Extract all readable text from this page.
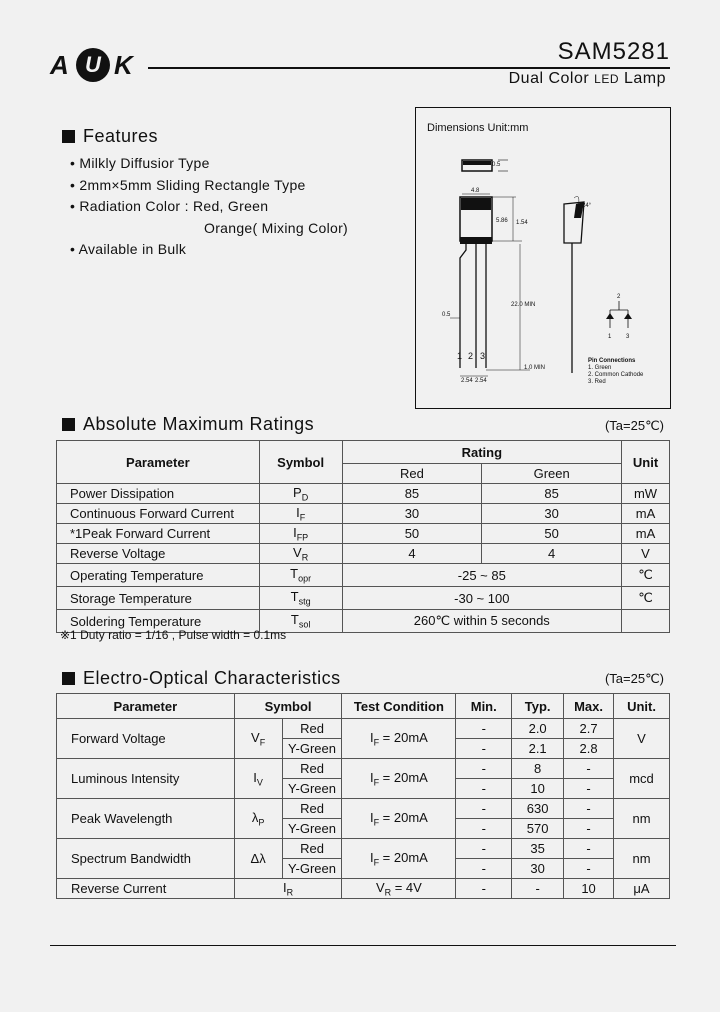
A U K	SAM5281
Dual Color LED Lamp
Features
• Milkly Diffusior Type
• 2mm×5mm Sliding Rectangle Type
• Radiation Color : Red, Green
Orange( Mixing Color)
• Available in Bulk
0.5
4.8
5.86 1.54
22.0 MIN
0.5
1.0 MIN
1 2 3
2.54 2.54
24°
2
1 3
Pin Connections
1. Green
2. Common Cathode
3. Red
Dimensions Unit:mm
Absolute Maximum Ratings	(Ta=25℃)
Parameter	Symbol	Rating		Unit
		Red	Green	
Power Dissipation	$P_D$	85	85	mW
Continuous Forward Current	$I_F$	30	30	mA
*1Peak Forward Current	$I_{FP}$	50	50	mA
Reverse Voltage	$V_R$	4	4	V
Operating Temperature	$T_{opr}$	-25 ~ 85		℃
Storage Temperature	$T_{stg}$	-30 ~ 100		℃
Soldering Temperature	$T_{sol}$	260℃ within 5 seconds		
※1 Duty ratio = 1/16 , Pulse width = 0.1ms
Electro-Optical Characteristics	(Ta=25℃)
Parameter	Symbol		Test Condition	Min.	Typ.	Max.	Unit.
Forward Voltage	$V_F$	Red	$I_F = 20mA$	-	2.0	2.7	V
		Y-Green		-	2.1	2.8	
Luminous Intensity	$I_V$	Red	$I_F = 20mA$	-	8	-	mcd
		Y-Green		-	10	-	
Peak Wavelength	$\lambda_P$	Red	$I_F = 20mA$	-	630	-	nm
		Y-Green		-	570	-	
Spectrum Bandwidth	Δλ	Red	$I_F = 20mA$	-	35	-	nm
		Y-Green		-	30	-	
Reverse Current	$I_R$		$V_R = 4V$	-	-	10	μA
